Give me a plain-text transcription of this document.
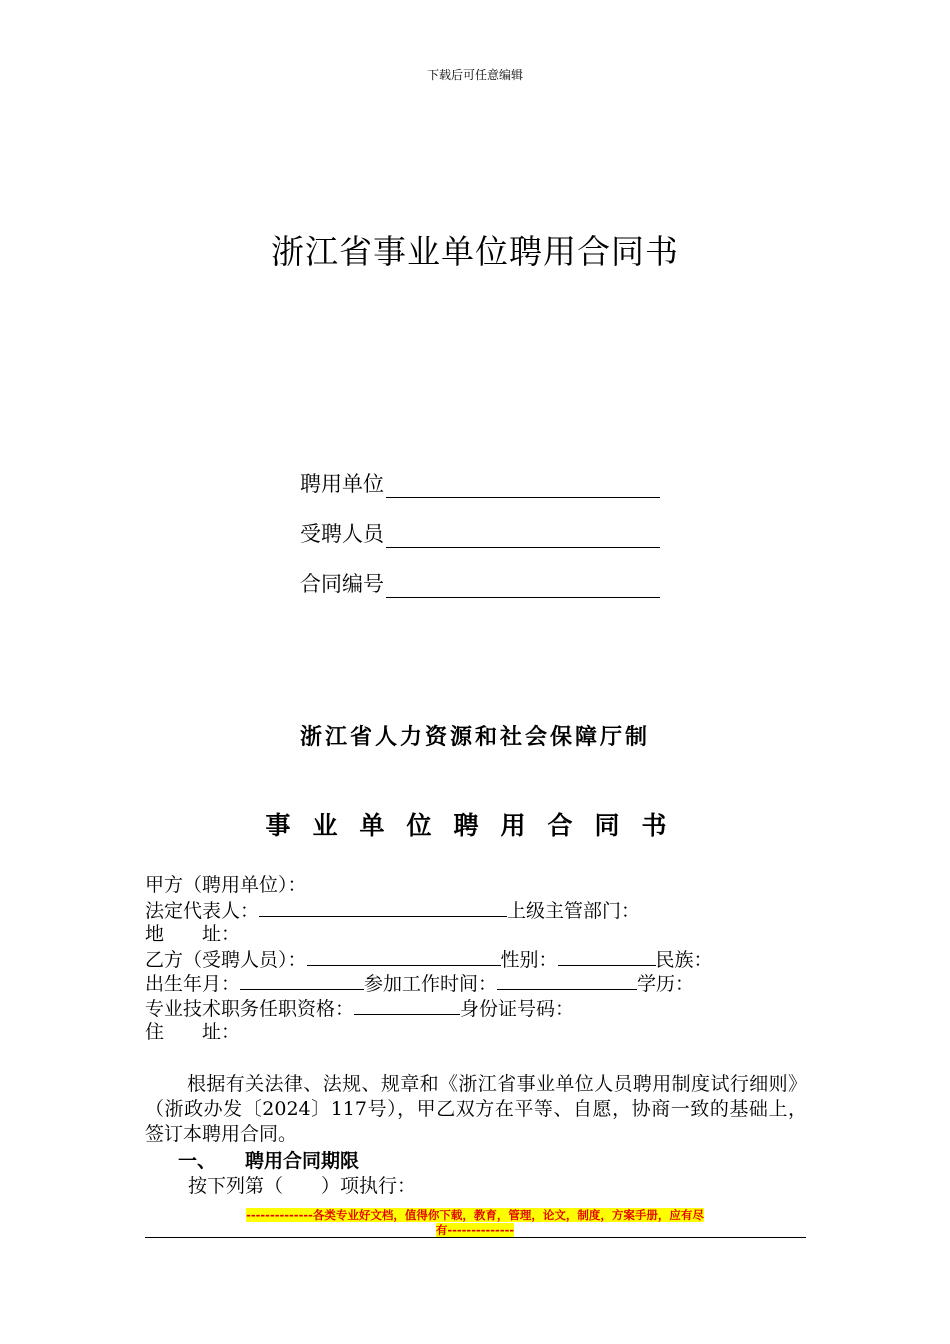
下载后可任意编辑
浙江省事业单位聘用合同书
聘用单位
受聘人员
合同编号
浙江省人力资源和社会保障厅制
事业单位聘用合同书
甲方（聘用单位）：
法定代表人：	上级主管部门：
地　　址：
乙方（受聘人员）：	性别：	民族：
出生年月：	参加工作时间：	学历：
专业技术职务任职资格：	身份证号码：
住　　址：
根据有关法律、法规、规章和《浙江省事业单位人员聘用制度试行细则》（浙政办发〔2024〕117号），甲乙双方在平等、自愿，协商一致的基础上，签订本聘用合同。
一、 聘用合同期限
按下列第（　　）项执行：
--------------各类专业好文档，值得你下载，教育，管理，论文，制度，方案手册，应有尽
有--------------
